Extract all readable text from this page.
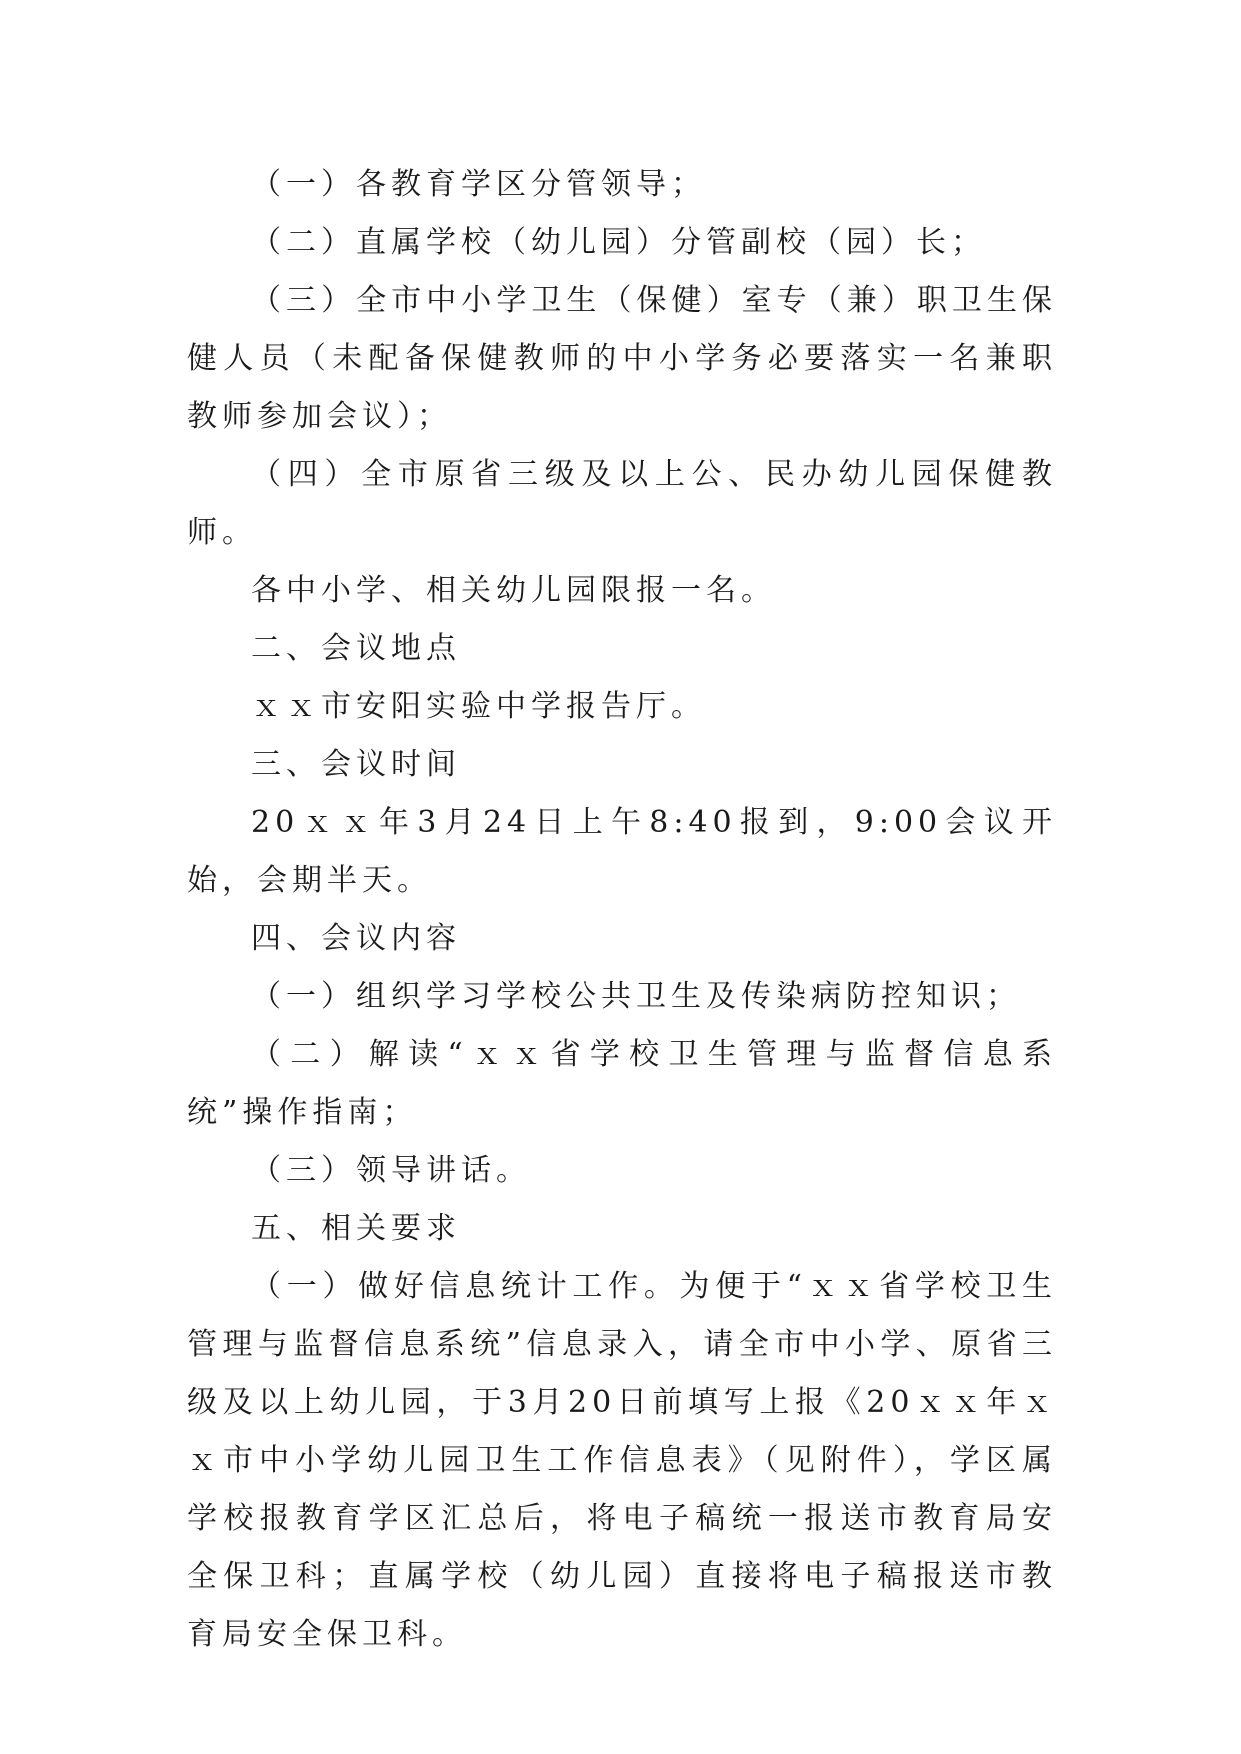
（一）各教育学区分管领导；

（二）直属学校（幼儿园）分管副校（园）长；

（三）全市中小学卫生（保健）室专（兼）职卫生保健人员（未配备保健教师的中小学务必要落实一名兼职教师参加会议）；

（四）全市原省三级及以上公、民办幼儿园保健教师。

各中小学、相关幼儿园限报一名。

二、会议地点

ｘｘ市安阳实验中学报告厅。

三、会议时间

20ｘｘ年3月24日上午8:40报到，9:00会议开始，会期半天。

四、会议内容

（一）组织学习学校公共卫生及传染病防控知识；

（二）解读“ｘｘ省学校卫生管理与监督信息系统”操作指南；

（三）领导讲话。

五、相关要求

（一）做好信息统计工作。为便于“ｘｘ省学校卫生管理与监督信息系统”信息录入，请全市中小学、原省三级及以上幼儿园，于3月20日前填写上报《20ｘｘ年ｘｘ市中小学幼儿园卫生工作信息表》（见附件），学区属学校报教育学区汇总后，将电子稿统一报送市教育局安全保卫科；直属学校（幼儿园）直接将电子稿报送市教育局安全保卫科。
